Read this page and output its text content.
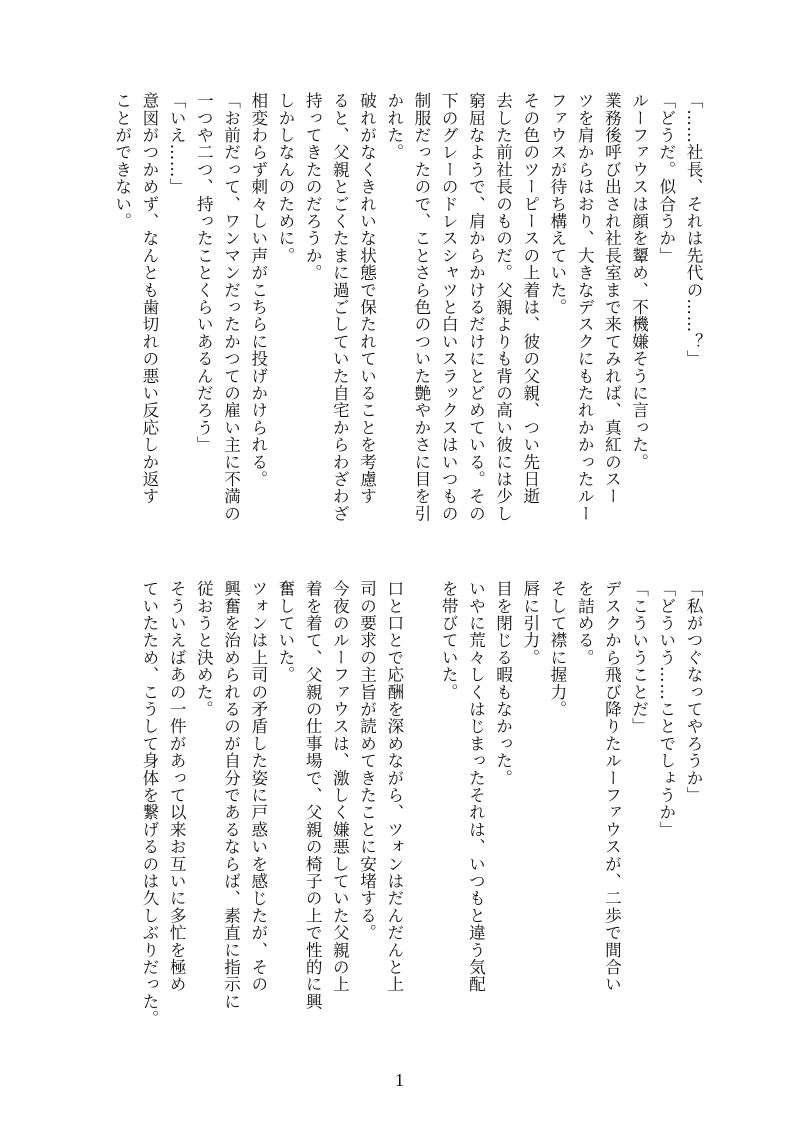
「……社長、それは先代の……？」
「どうだ。似合うか」
ルーファウスは顔を顰め、不機嫌そうに言った。
業務後呼び出され社長室まで来てみれば、真紅のスー
ツを肩からはおり、大きなデスクにもたれかかったルー
ファウスが待ち構えていた。
その色のツーピースの上着は、彼の父親、つい先日逝
去した前社長のものだ。父親よりも背の高い彼には少し
窮屈なようで、肩からかけるだけにとどめている。その
下のグレーのドレスシャツと白いスラックスはいつもの
制服だったので、ことさら色のついた艶やかさに目を引
かれた。
破れがなくきれいな状態で保たれていることを考慮す
ると、父親とごくたまに過ごしていた自宅からわざわざ
持ってきたのだろうか。
しかしなんのために。
相変わらず刺々しい声がこちらに投げかけられる。
「お前だって、ワンマンだったかつての雇い主に不満の
一つや二つ、持ったことくらいあるんだろう」
「いえ……」
意図がつかめず、なんとも歯切れの悪い反応しか返す
ことができない。
「私がつぐなってやろうか」
「どういう……ことでしょうか」
「こういうことだ」
デスクから飛び降りたルーファウスが、二歩で間合い
を詰める。
そして襟に握力。
唇に引力。
目を閉じる暇もなかった。
いやに荒々しくはじまったそれは、いつもと違う気配
を帯びていた。

口と口とで応酬を深めながら、ツォンはだんだんと上
司の要求の主旨が読めてきたことに安堵する。
今夜のルーファウスは、激しく嫌悪していた父親の上
着を着て、父親の仕事場で、父親の椅子の上で性的に興
奮していた。
ツォンは上司の矛盾した姿に戸惑いを感じたが、その
興奮を治められるのが自分であるならば、素直に指示に
従おうと決めた。
そういえばあの一件があって以来お互いに多忙を極め
ていたため、こうして身体を繋げるのは久しぶりだった。
1
